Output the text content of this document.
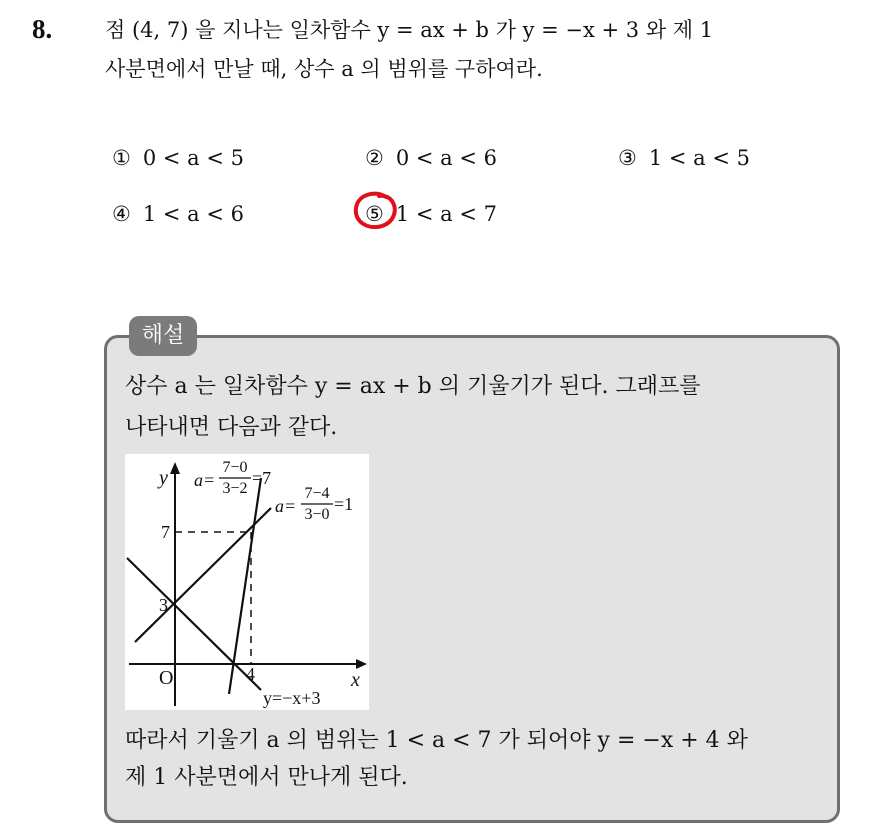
8.	점 (4, 7) 을 지나는 일차함수 y = ax + b 가 y = −x + 3 와 제 1
사분면에서 만날 때, 상수 a 의 범위를 구하여라.
① 0 < a < 5	② 0 < a < 6	③ 1 < a < 5
④ 1 < a < 6	⑤ 1 < a < 7
해설
상수 a 는 일차함수 y = ax + b 의 기울기가 된다. 그래프를
나타내면 다음과 같다.
y
x
O	4
7
3
a=
7−0
3−2
=7
a=
7−4
3−0
=1
y=−x+3
따라서 기울기 a 의 범위는 1 < a < 7 가 되어야 y = −x + 4 와
제 1 사분면에서 만나게 된다.
